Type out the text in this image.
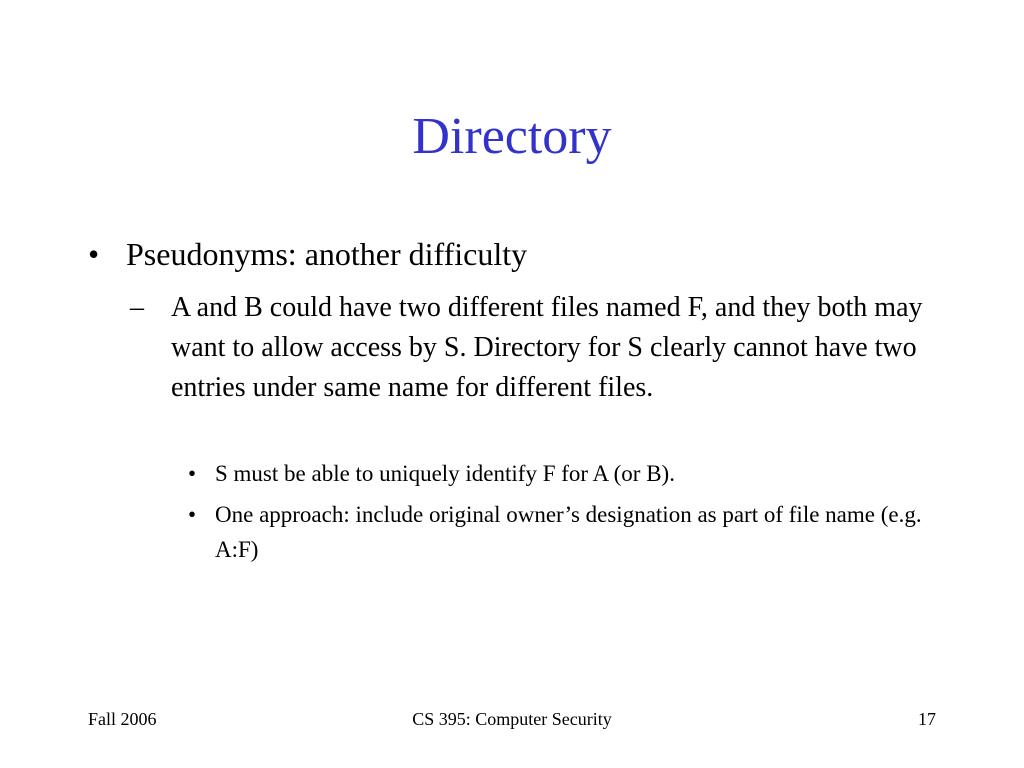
Directory
• Pseudonyms: another difficulty
– A and B could have two different files named F, and they both may want to allow access by S. Directory for S clearly cannot have two entries under same name for different files.
• S must be able to uniquely identify F for A (or B).
• One approach: include original owner’s designation as part of file name (e.g. A:F)
Fall 2006	CS 395: Computer Security	17
